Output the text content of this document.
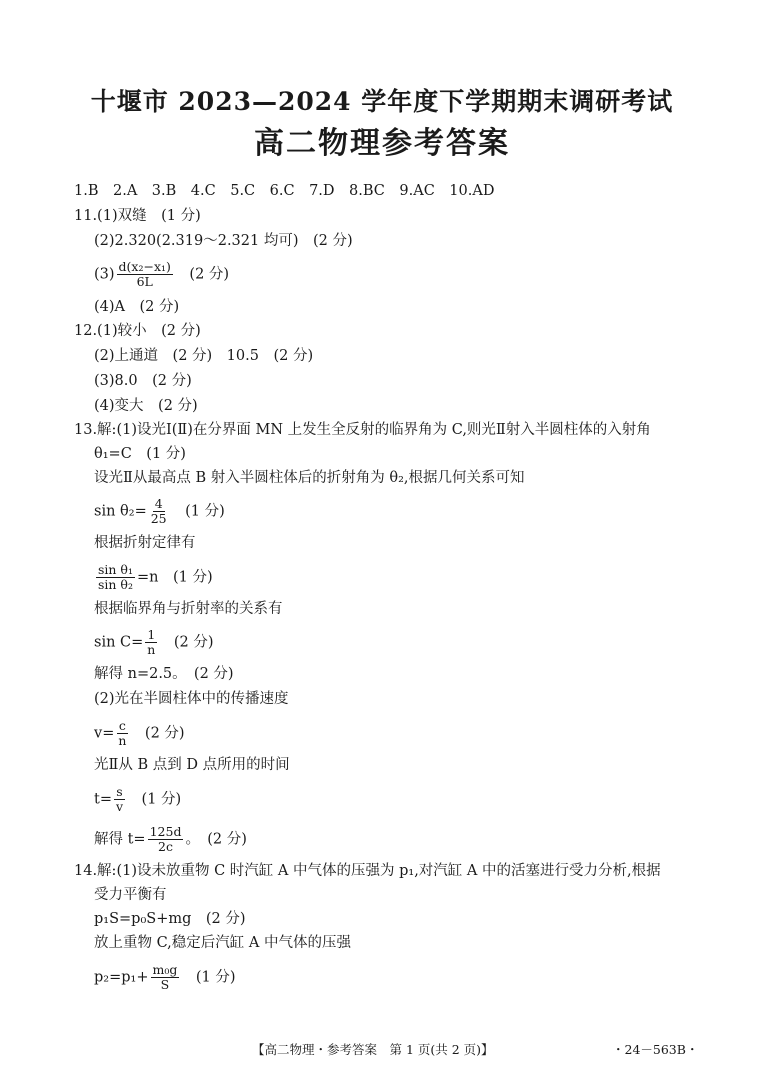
十堰市 2023—2024 学年度下学期期末调研考试
高二物理参考答案
1.B　2.A　3.B　4.C　5.C　6.C　7.D　8.BC　9.AC　10.AD
11.(1)双缝　(1 分)
(2)2.320(2.319～2.321 均可)　(2 分)
$(3) \frac{\text{d(x₂−x₁)}}{6L}$ 　(2 分)
(4)A　(2 分)
12.(1)较小　(2 分)
(2)上通道　(2 分)　10.5　(2 分)
(3)8.0　(2 分)
(4)变大　(2 分)
13.解:(1)设光Ⅰ(Ⅱ)在分界面 MN 上发生全反射的临界角为 C,则光Ⅱ射入半圆柱体的入射角
θ₁=C　(1 分)
设光Ⅱ从最高点 B 射入半圆柱体后的折射角为 θ₂,根据几何关系可知
$\sin \theta_2= \frac{4}{25}$ 　(1 分)
根据折射定律有
$\frac{\text{sin θ₁}}{\text{sin θ₂}} =n$　(1 分)
根据临界角与折射率的关系有
$\sin C= \frac{1}{n}$ 　(2 分)
解得 n=2.5。　(2 分)
(2)光在半圆柱体中的传播速度
$v= \frac{c}{n}$ 　(2 分)
光Ⅱ从 B 点到 D 点所用的时间
$t= \frac{s}{v}$ 　(1 分)
解得 $t= \frac{125d}{2c}$ 。　(2 分)
14.解:(1)设未放重物 C 时汽缸 A 中气体的压强为 p₁,对汽缸 A 中的活塞进行受力分析,根据
受力平衡有
p₁S=p₀S+mg　(2 分)
放上重物 C,稳定后汽缸 A 中气体的压强
$p_2=p_1+ \frac{\text{m₀g}}{S}$ 　(1 分)
【高二物理・参考答案　第 1 页(共 2 页)】	・24－563B・
